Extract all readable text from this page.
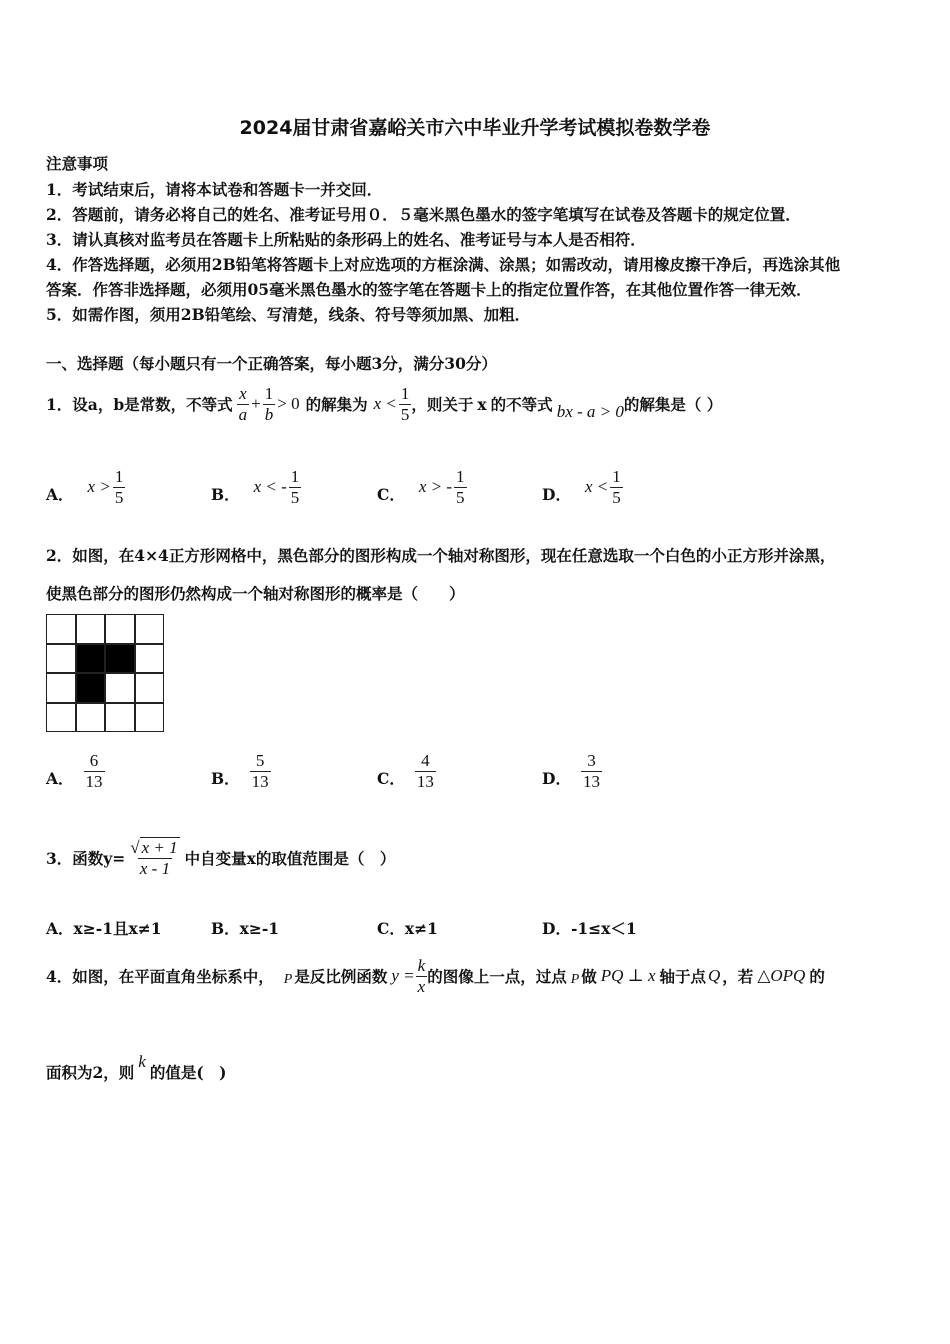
2024届甘肃省嘉峪关市六中毕业升学考试模拟卷数学卷
注意事项
1．考试结束后，请将本试卷和答题卡一并交回．
2．答题前，请务必将自己的姓名、准考证号用０．５毫米黑色墨水的签字笔填写在试卷及答题卡的规定位置．
3．请认真核对监考员在答题卡上所粘贴的条形码上的姓名、准考证号与本人是否相符．
4．作答选择题，必须用2B铅笔将答题卡上对应选项的方框涂满、涂黑；如需改动，请用橡皮擦干净后，再选涂其他
答案．作答非选择题，必须用05毫米黑色墨水的签字笔在答题卡上的指定位置作答，在其他位置作答一律无效．
5．如需作图，须用2B铅笔绘、写清楚，线条、符号等须加黑、加粗．
一、选择题（每小题只有一个正确答案，每小题3分，满分30分）
1．设a，b是常数，不等式 $\frac{x}{a} + \frac{1}{b} > 0$ 的解集为 $x < \frac{1}{5}$ ，则关于 x 的不等式 bx - a > 0 的解集是（ ）
A． $x > \frac{1}{5}$	B． x < - $\frac{1}{5}$	C． x > - $\frac{1}{5}$	D． $x < \frac{1}{5}$
2．如图，在4×4正方形网格中，黑色部分的图形构成一个轴对称图形，现在任意选取一个白色的小正方形并涂黑，
使黑色部分的图形仍然构成一个轴对称图形的概率是（　　）
A． $\frac{6}{13}$	B． $\frac{5}{13}$	C． $\frac{4}{13}$	D． $\frac{3}{13}$
3．函数$y= \frac{√ x + 1}{x - 1}$ 中自变量x的取值范围是（　）
A．x≥-1且x≠1	B．x≥-1	C．x≠1	D．-1≤x＜1
4．如图，在平面直角坐标系中， P 是反比例函数 $y = \frac{k}{x}$ 的图像上一点，过点 P 做 PQ ⊥ x 轴于点 Q ，若 △OPQ 的
面积为2，则
k
的值是(　)
